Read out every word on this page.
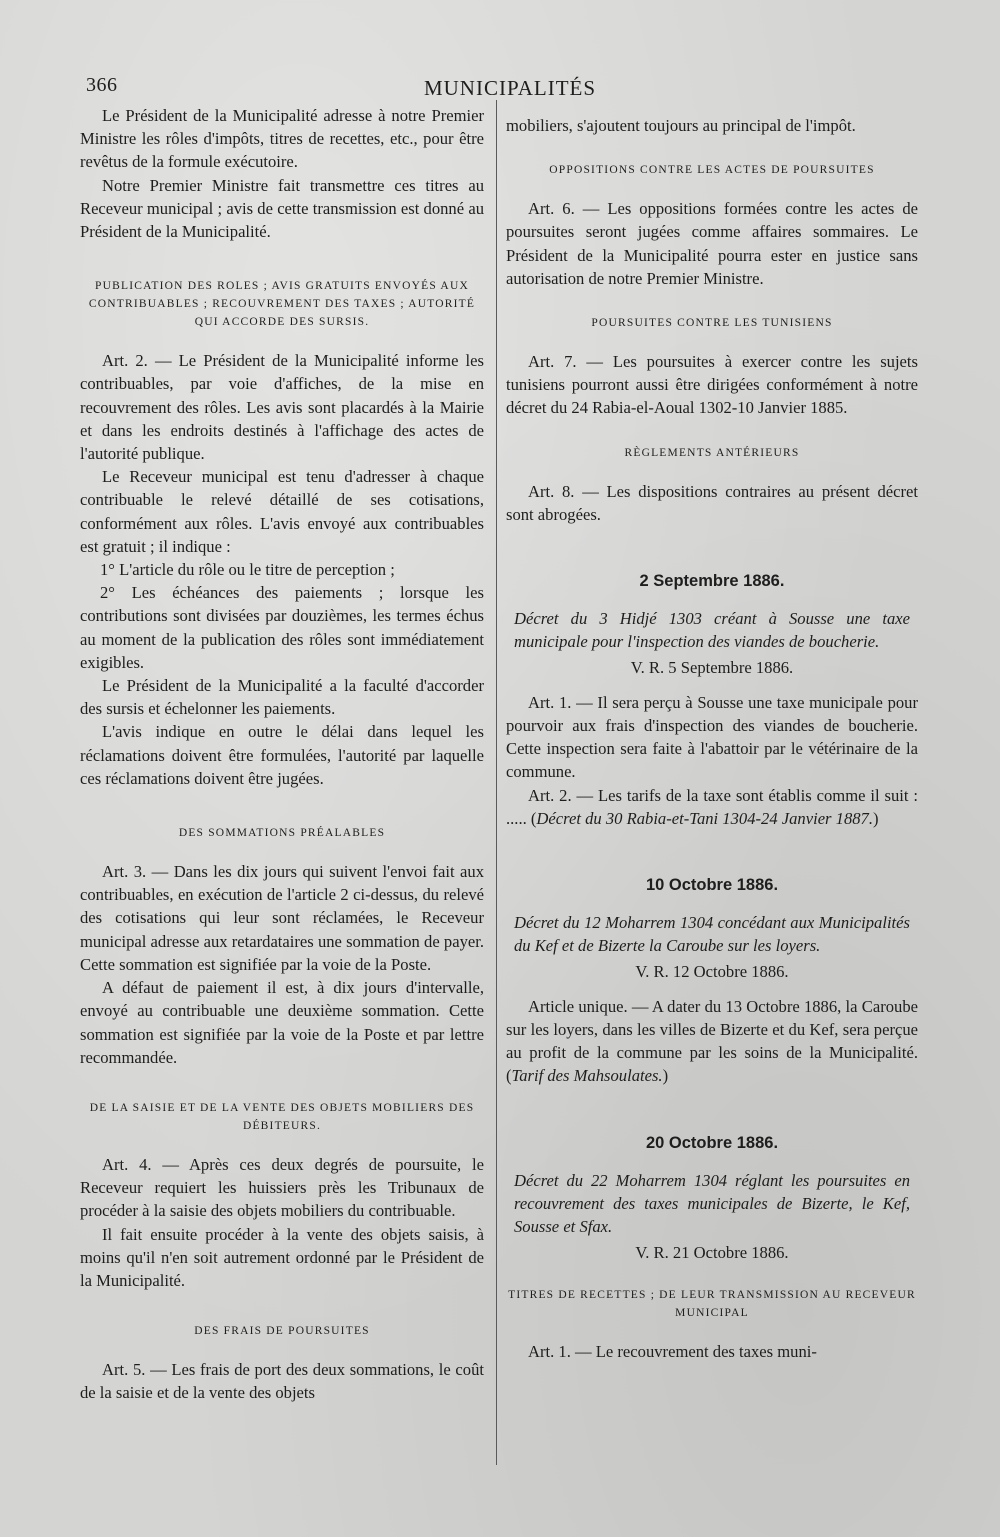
366	MUNICIPALITÉS

Le Président de la Municipalité adresse à notre Premier Ministre les rôles d'impôts, titres de recettes, etc., pour être revêtus de la formule exécutoire.

Notre Premier Ministre fait transmettre ces titres au Receveur municipal ; avis de cette transmission est donné au Président de la Municipalité.

PUBLICATION DES ROLES ; AVIS GRATUITS ENVOYÉS AUX CONTRIBUABLES ; RECOUVREMENT DES TAXES ; AUTORITÉ QUI ACCORDE DES SURSIS.

Art. 2. — Le Président de la Municipalité informe les contribuables, par voie d'affiches, de la mise en recouvrement des rôles. Les avis sont placardés à la Mairie et dans les endroits destinés à l'affichage des actes de l'autorité publique.

Le Receveur municipal est tenu d'adresser à chaque contribuable le relevé détaillé de ses cotisations, conformément aux rôles. L'avis envoyé aux contribuables est gratuit ; il indique :

1° L'article du rôle ou le titre de perception ;

2° Les échéances des paiements ; lorsque les contributions sont divisées par douzièmes, les termes échus au moment de la publication des rôles sont immédiatement exigibles.

Le Président de la Municipalité a la faculté d'accorder des sursis et échelonner les paiements.

L'avis indique en outre le délai dans lequel les réclamations doivent être formulées, l'autorité par laquelle ces réclamations doivent être jugées.

DES SOMMATIONS PRÉALABLES

Art. 3. — Dans les dix jours qui suivent l'envoi fait aux contribuables, en exécution de l'article 2 ci-dessus, du relevé des cotisations qui leur sont réclamées, le Receveur municipal adresse aux retardataires une sommation de payer. Cette sommation est signifiée par la voie de la Poste.

A défaut de paiement il est, à dix jours d'intervalle, envoyé au contribuable une deuxième sommation. Cette sommation est signifiée par la voie de la Poste et par lettre recommandée.

DE LA SAISIE ET DE LA VENTE DES OBJETS MOBILIERS DES DÉBITEURS.

Art. 4. — Après ces deux degrés de poursuite, le Receveur requiert les huissiers près les Tribunaux de procéder à la saisie des objets mobiliers du contribuable.

Il fait ensuite procéder à la vente des objets saisis, à moins qu'il n'en soit autrement ordonné par le Président de la Municipalité.

DES FRAIS DE POURSUITES

Art. 5. — Les frais de port des deux sommations, le coût de la saisie et de la vente des objets

mobiliers, s'ajoutent toujours au principal de l'impôt.

OPPOSITIONS CONTRE LES ACTES DE POURSUITES

Art. 6. — Les oppositions formées contre les actes de poursuites seront jugées comme affaires sommaires. Le Président de la Municipalité pourra ester en justice sans autorisation de notre Premier Ministre.

POURSUITES CONTRE LES TUNISIENS

Art. 7. — Les poursuites à exercer contre les sujets tunisiens pourront aussi être dirigées conformément à notre décret du 24 Rabia-el-Aoual 1302-10 Janvier 1885.

RÈGLEMENTS ANTÉRIEURS

Art. 8. — Les dispositions contraires au présent décret sont abrogées.

2 Septembre 1886.

Décret du 3 Hidjé 1303 créant à Sousse une taxe municipale pour l'inspection des viandes de boucherie.

V. R. 5 Septembre 1886.

Art. 1. — Il sera perçu à Sousse une taxe municipale pour pourvoir aux frais d'inspection des viandes de boucherie. Cette inspection sera faite à l'abattoir par le vétérinaire de la commune.

Art. 2. — Les tarifs de la taxe sont établis comme il suit : ..... (Décret du 30 Rabia-et-Tani 1304-24 Janvier 1887.)

10 Octobre 1886.

Décret du 12 Moharrem 1304 concédant aux Municipalités du Kef et de Bizerte la Caroube sur les loyers.

V. R. 12 Octobre 1886.

Article unique. — A dater du 13 Octobre 1886, la Caroube sur les loyers, dans les villes de Bizerte et du Kef, sera perçue au profit de la commune par les soins de la Municipalité. (Tarif des Mahsoulates.)

20 Octobre 1886.

Décret du 22 Moharrem 1304 réglant les poursuites en recouvrement des taxes municipales de Bizerte, le Kef, Sousse et Sfax.

V. R. 21 Octobre 1886.

TITRES DE RECETTES ; DE LEUR TRANSMISSION AU RECEVEUR MUNICIPAL

Art. 1. — Le recouvrement des taxes muni-
